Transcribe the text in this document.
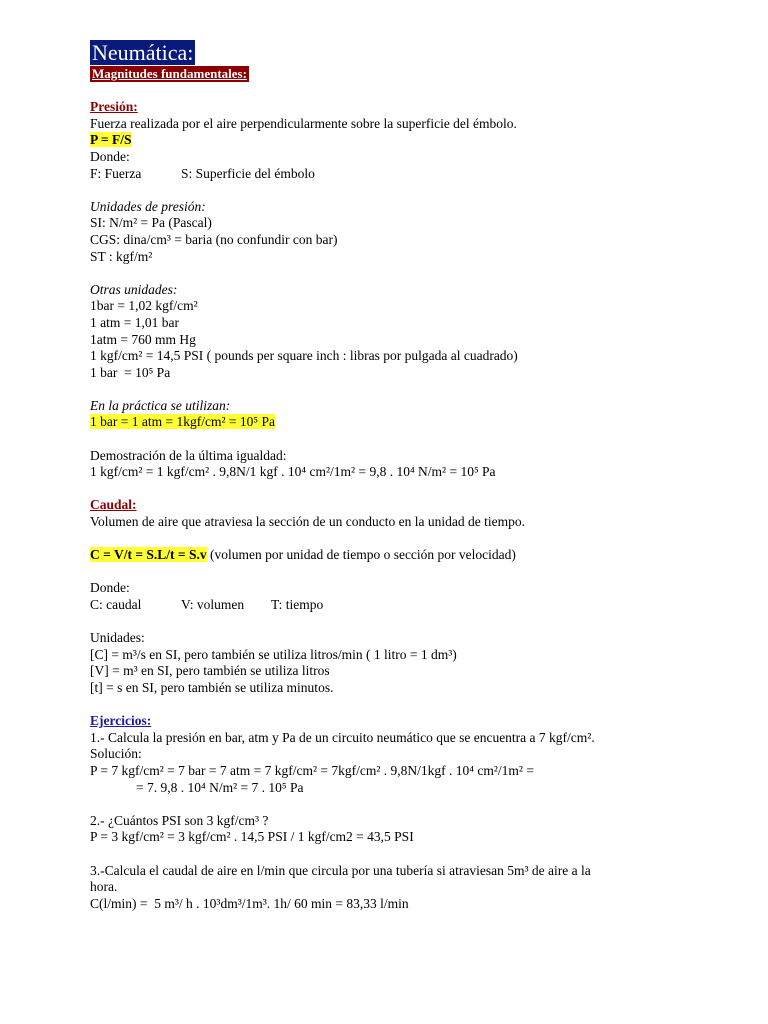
Neumática:
Magnitudes fundamentales:
Presión:
Fuerza realizada por el aire perpendicularmente sobre la superficie del émbolo.
P = F/S
Donde:
F: Fuerza	S: Superficie del émbolo
Unidades de presión:
SI: N/m² = Pa (Pascal)
CGS: dina/cm³ = baria (no confundir con bar)
ST : kgf/m²
Otras unidades:
1bar = 1,02 kgf/cm²
1 atm = 1,01 bar
1atm = 760 mm Hg
1 kgf/cm² = 14,5 PSI ( pounds per square inch : libras por pulgada al cuadrado)
1 bar  = 10⁵ Pa
En la práctica se utilizan:
1 bar = 1 atm = 1kgf/cm² = 10⁵ Pa
Demostración de la última igualdad:
1 kgf/cm² = 1 kgf/cm² . 9,8N/1 kgf . 10⁴ cm²/1m² = 9,8 . 10⁴ N/m² = 10⁵ Pa
Caudal:
Volumen de aire que atraviesa la sección de un conducto en la unidad de tiempo.
C = V/t = S.L/t = S.v (volumen por unidad de tiempo o sección por velocidad)
Donde:
C: caudal	V: volumen T: tiempo
Unidades:
[C] = m³/s en SI, pero también se utiliza litros/min ( 1 litro = 1 dm³)
[V] = m³ en SI, pero también se utiliza litros
[t] = s en SI, pero también se utiliza minutos.
Ejercicios:
1.- Calcula la presión en bar, atm y Pa de un circuito neumático que se encuentra a 7 kgf/cm².
Solución:
P = 7 kgf/cm² = 7 bar = 7 atm = 7 kgf/cm² = 7kgf/cm² . 9,8N/1kgf . 10⁴ cm²/1m² =
= 7. 9,8 . 10⁴ N/m² = 7 . 10⁵ Pa
2.- ¿Cuántos PSI son 3 kgf/cm³ ?
P = 3 kgf/cm² = 3 kgf/cm² . 14,5 PSI / 1 kgf/cm2 = 43,5 PSI
3.-Calcula el caudal de aire en l/min que circula por una tubería si atraviesan 5m³ de aire a la
hora.
C(l/min) =  5 m³/ h . 10³dm³/1m³. 1h/ 60 min = 83,33 l/min
